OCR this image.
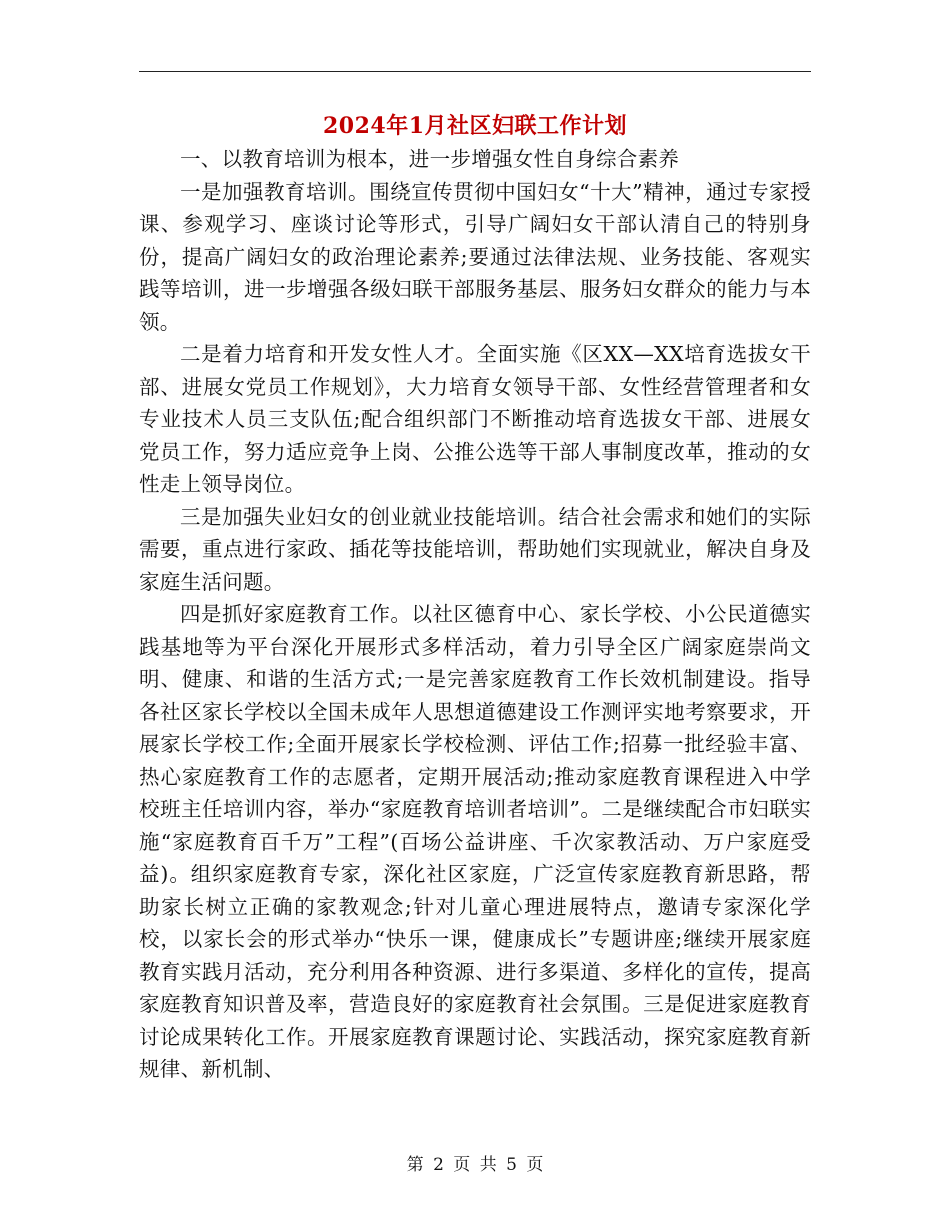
2024年1月社区妇联工作计划

一、以教育培训为根本，进一步增强女性自身综合素养

一是加强教育培训。围绕宣传贯彻中国妇女“十大”精神，通过专家授课、参观学习、座谈讨论等形式，引导广阔妇女干部认清自己的特别身份，提高广阔妇女的政治理论素养;要通过法律法规、业务技能、客观实践等培训，进一步增强各级妇联干部服务基层、服务妇女群众的能力与本领。

二是着力培育和开发女性人才。全面实施《区XX—XX培育选拔女干部、进展女党员工作规划》，大力培育女领导干部、女性经营管理者和女专业技术人员三支队伍;配合组织部门不断推动培育选拔女干部、进展女党员工作，努力适应竞争上岗、公推公选等干部人事制度改革，推动的女性走上领导岗位。

三是加强失业妇女的创业就业技能培训。结合社会需求和她们的实际需要，重点进行家政、插花等技能培训，帮助她们实现就业，解决自身及家庭生活问题。

四是抓好家庭教育工作。以社区德育中心、家长学校、小公民道德实践基地等为平台深化开展形式多样活动，着力引导全区广阔家庭崇尚文明、健康、和谐的生活方式;一是完善家庭教育工作长效机制建设。指导各社区家长学校以全国未成年人思想道德建设工作测评实地考察要求，开展家长学校工作;全面开展家长学校检测、评估工作;招募一批经验丰富、热心家庭教育工作的志愿者，定期开展活动;推动家庭教育课程进入中学校班主任培训内容，举办“家庭教育培训者培训”。二是继续配合市妇联实施“家庭教育百千万”工程”(百场公益讲座、千次家教活动、万户家庭受益)。组织家庭教育专家，深化社区家庭，广泛宣传家庭教育新思路，帮助家长树立正确的家教观念;针对儿童心理进展特点，邀请专家深化学校，以家长会的形式举办“快乐一课，健康成长”专题讲座;继续开展家庭教育实践月活动，充分利用各种资源、进行多渠道、多样化的宣传，提高家庭教育知识普及率，营造良好的家庭教育社会氛围。三是促进家庭教育讨论成果转化工作。开展家庭教育课题讨论、实践活动，探究家庭教育新规律、新机制、

第 2 页 共 5 页
